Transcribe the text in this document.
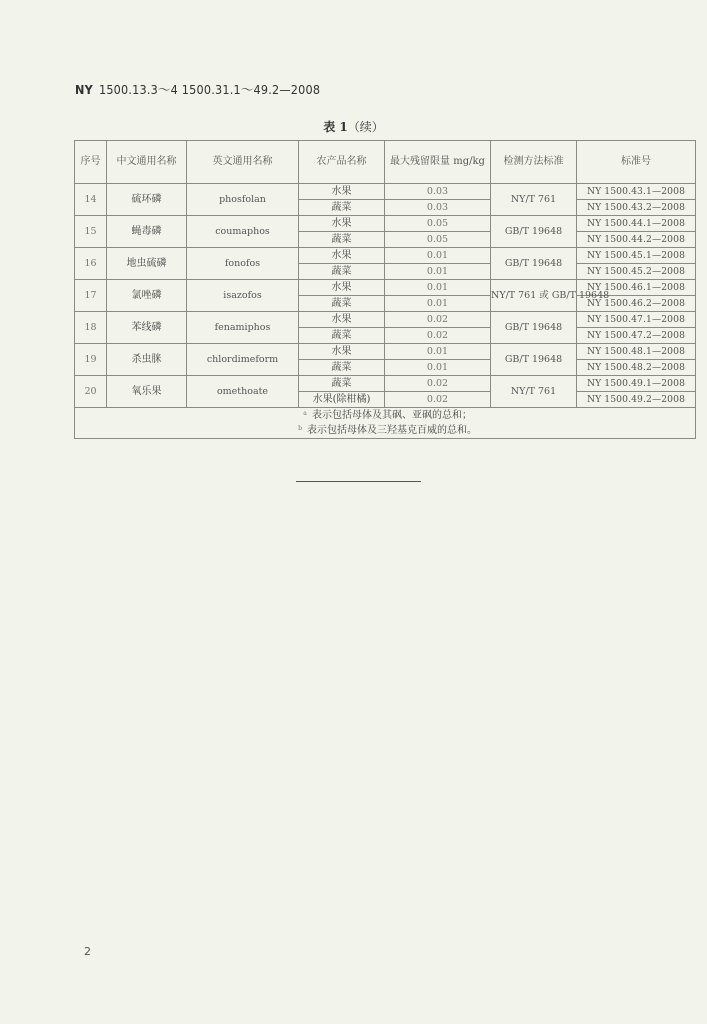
NY 1500.13.3～4 1500.31.1～49.2—2008
表 1（续）
序号	中文通用名称	英文通用名称	农产品名称	最大残留限量 mg/kg	检测方法标准	标准号
14	硫环磷	phosfolan	水果	0.03	NY/T 761	NY 1500.43.1—2008
			蔬菜	0.03		NY 1500.43.2—2008
15	蝇毒磷	coumaphos	水果	0.05	GB/T 19648	NY 1500.44.1—2008
			蔬菜	0.05		NY 1500.44.2—2008
16	地虫硫磷	fonofos	水果	0.01	GB/T 19648	NY 1500.45.1—2008
			蔬菜	0.01		NY 1500.45.2—2008
17	氯唑磷	isazofos	水果	0.01	NY/T 761 或 GB/T 19648	NY 1500.46.1—2008
			蔬菜	0.01		NY 1500.46.2—2008
18	苯线磷	fenamiphos	水果	0.02	GB/T 19648	NY 1500.47.1—2008
			蔬菜	0.02		NY 1500.47.2—2008
19	杀虫脒	chlordimeform	水果	0.01	GB/T 19648	NY 1500.48.1—2008
			蔬菜	0.01		NY 1500.48.2—2008
20	氧乐果	omethoate	蔬菜	0.02	NY/T 761	NY 1500.49.1—2008
			水果(除柑橘)	0.02		NY 1500.49.2—2008

$^a$ 表示包括母体及其砜、亚砜的总和；
$^b$ 表示包括母体及三羟基克百威的总和。						
2
